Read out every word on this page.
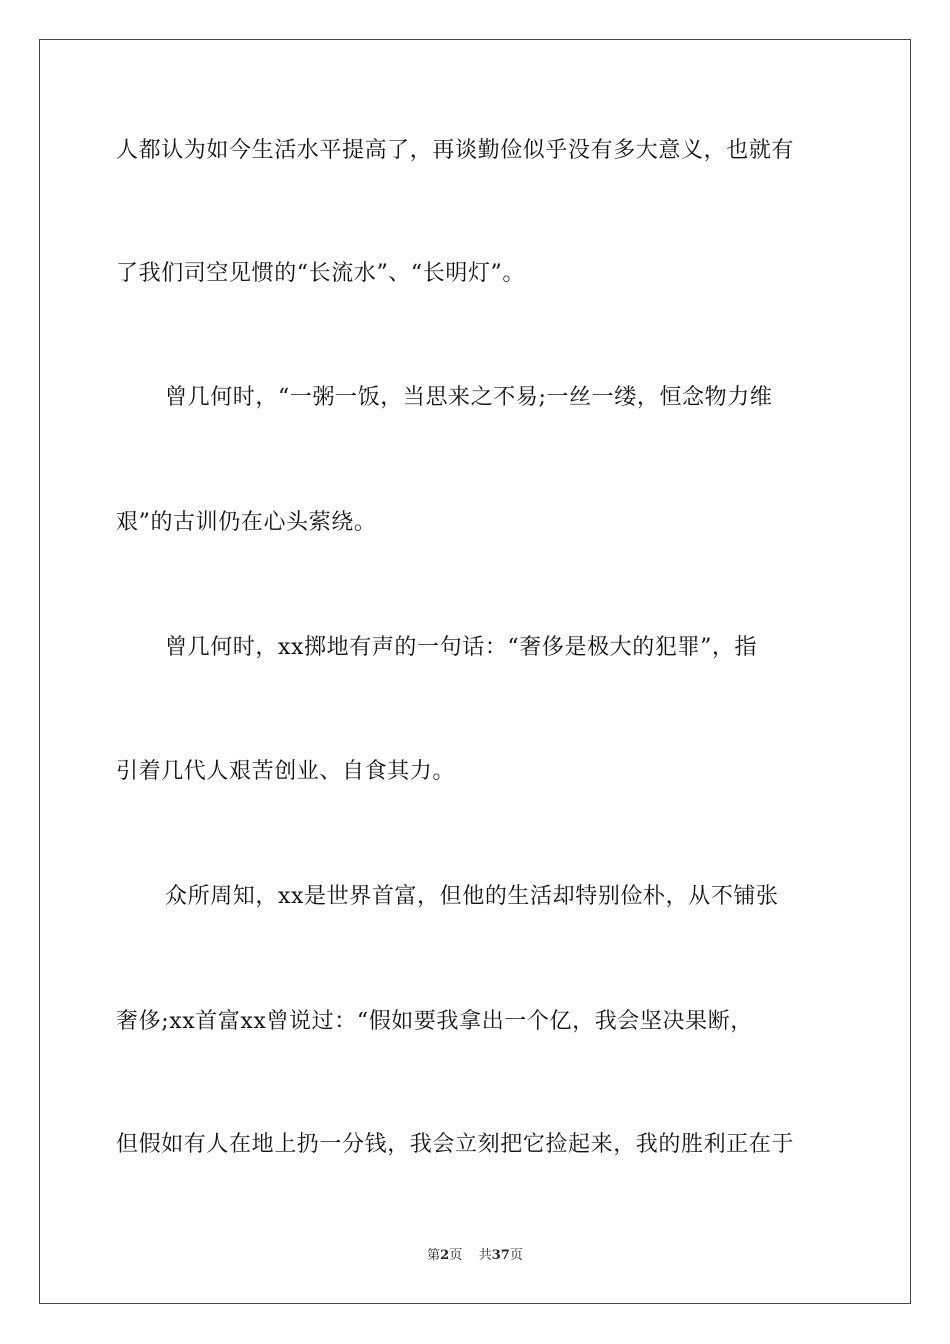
人都认为如今生活水平提高了，再谈勤俭似乎没有多大意义，也就有
了我们司空见惯的“长流水”、“长明灯”。
曾几何时，“一粥一饭，当思来之不易;一丝一缕，恒念物力维
艰”的古训仍在心头萦绕。
曾几何时，xx掷地有声的一句话：“奢侈是极大的犯罪”，指
引着几代人艰苦创业、自食其力。
众所周知，xx是世界首富，但他的生活却特别俭朴，从不铺张
奢侈;xx首富xx曾说过：“假如要我拿出一个亿，我会坚决果断，
但假如有人在地上扔一分钱，我会立刻把它捡起来，我的胜利正在于
第2页 共37页
